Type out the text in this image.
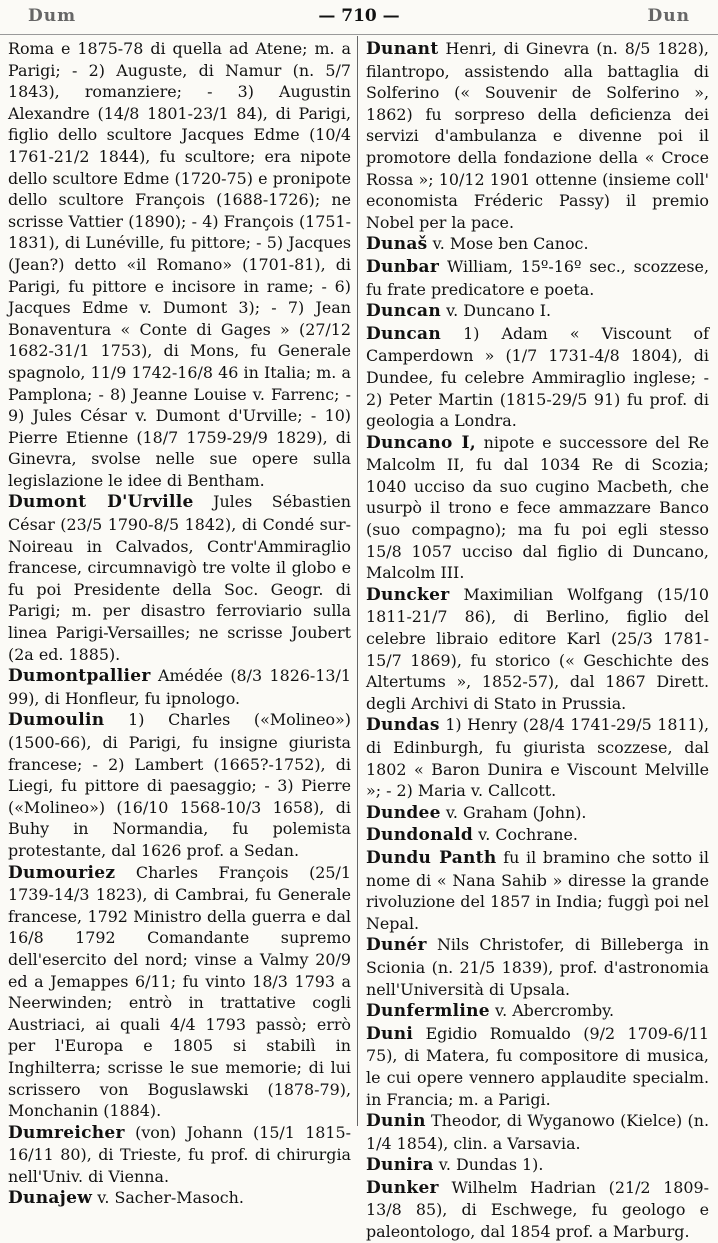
Dum	— 710 —	Dun

Roma e 1875-78 di quella ad Atene; m. a Parigi; - 2) Auguste, di Namur (n. 5/7 1843), romanziere; - 3) Augustin Alexandre (14/8 1801-23/1 84), di Parigi, figlio dello scultore Jacques Edme (10/4 1761-21/2 1844), fu scultore; era nipote dello scultore Edme (1720-75) e pronipote dello scultore François (1688-1726); ne scrisse Vattier (1890); - 4) François (1751-1831), di Lunéville, fu pittore; - 5) Jacques (Jean?) detto «il Romano» (1701-81), di Parigi, fu pittore e incisore in rame; - 6) Jacques Edme v. Dumont 3); - 7) Jean Bonaventura « Conte di Gages » (27/12 1682-31/1 1753), di Mons, fu Generale spagnolo, 11/9 1742-16/8 46 in Italia; m. a Pamplona; - 8) Jeanne Louise v. Farrenc; - 9) Jules César v. Dumont d'Urville; - 10) Pierre Etienne (18/7 1759-29/9 1829), di Ginevra, svolse nelle sue opere sulla legislazione le idee di Bentham.

Dumont D'Urville Jules Sébastien César (23/5 1790-8/5 1842), di Condé sur-Noireau in Calvados, Contr'Ammiraglio francese, circumnavigò tre volte il globo e fu poi Presidente della Soc. Geogr. di Parigi; m. per disastro ferroviario sulla linea Parigi-Versailles; ne scrisse Joubert (2a ed. 1885).

Dumontpallier Amédée (8/3 1826-13/1 99), di Honfleur, fu ipnologo.

Dumoulin 1) Charles («Molineo») (1500-66), di Parigi, fu insigne giurista francese; - 2) Lambert (1665?-1752), di Liegi, fu pittore di paesaggio; - 3) Pierre («Molineo») (16/10 1568-10/3 1658), di Buhy in Normandia, fu polemista protestante, dal 1626 prof. a Sedan.

Dumouriez Charles François (25/1 1739-14/3 1823), di Cambrai, fu Generale francese, 1792 Ministro della guerra e dal 16/8 1792 Comandante supremo dell'esercito del nord; vinse a Valmy 20/9 ed a Jemappes 6/11; fu vinto 18/3 1793 a Neerwinden; entrò in trattative cogli Austriaci, ai quali 4/4 1793 passò; errò per l'Europa e 1805 si stabilì in Inghilterra; scrisse le sue memorie; di lui scrissero von Boguslawski (1878-79), Monchanin (1884).

Dumreicher (von) Johann (15/1 1815-16/11 80), di Trieste, fu prof. di chirurgia nell'Univ. di Vienna.

Dunajew v. Sacher-Masoch.

Dunant Henri, di Ginevra (n. 8/5 1828), filantropo, assistendo alla battaglia di Solferino (« Souvenir de Solferino », 1862) fu sorpreso della deficienza dei servizi d'ambulanza e divenne poi il promotore della fondazione della « Croce Rossa »; 10/12 1901 ottenne (insieme coll' economista Fréderic Passy) il premio Nobel per la pace.

Dunaš v. Mose ben Canoc.

Dunbar William, 15º-16º sec., scozzese, fu frate predicatore e poeta.

Duncan v. Duncano I.

Duncan 1) Adam « Viscount of Camperdown » (1/7 1731-4/8 1804), di Dundee, fu celebre Ammiraglio inglese; - 2) Peter Martin (1815-29/5 91) fu prof. di geologia a Londra.

Duncano I, nipote e successore del Re Malcolm II, fu dal 1034 Re di Scozia; 1040 ucciso da suo cugino Macbeth, che usurpò il trono e fece ammazzare Banco (suo compagno); ma fu poi egli stesso 15/8 1057 ucciso dal figlio di Duncano, Malcolm III.

Duncker Maximilian Wolfgang (15/10 1811-21/7 86), di Berlino, figlio del celebre libraio editore Karl (25/3 1781-15/7 1869), fu storico (« Geschichte des Altertums », 1852-57), dal 1867 Dirett. degli Archivi di Stato in Prussia.

Dundas 1) Henry (28/4 1741-29/5 1811), di Edinburgh, fu giurista scozzese, dal 1802 « Baron Dunira e Viscount Melville »; - 2) Maria v. Callcott.

Dundee v. Graham (John).

Dundonald v. Cochrane.

Dundu Panth fu il bramino che sotto il nome di « Nana Sahib » diresse la grande rivoluzione del 1857 in India; fuggì poi nel Nepal.

Dunér Nils Christofer, di Billeberga in Scionia (n. 21/5 1839), prof. d'astronomia nell'Università di Upsala.

Dunfermline v. Abercromby.

Duni Egidio Romualdo (9/2 1709-6/11 75), di Matera, fu compositore di musica, le cui opere vennero applaudite specialm. in Francia; m. a Parigi.

Dunin Theodor, di Wyganowo (Kielce) (n. 1/4 1854), clin. a Varsavia.

Dunira v. Dundas 1).

Dunker Wilhelm Hadrian (21/2 1809-13/8 85), di Eschwege, fu geologo e paleontologo, dal 1854 prof. a Marburg.
